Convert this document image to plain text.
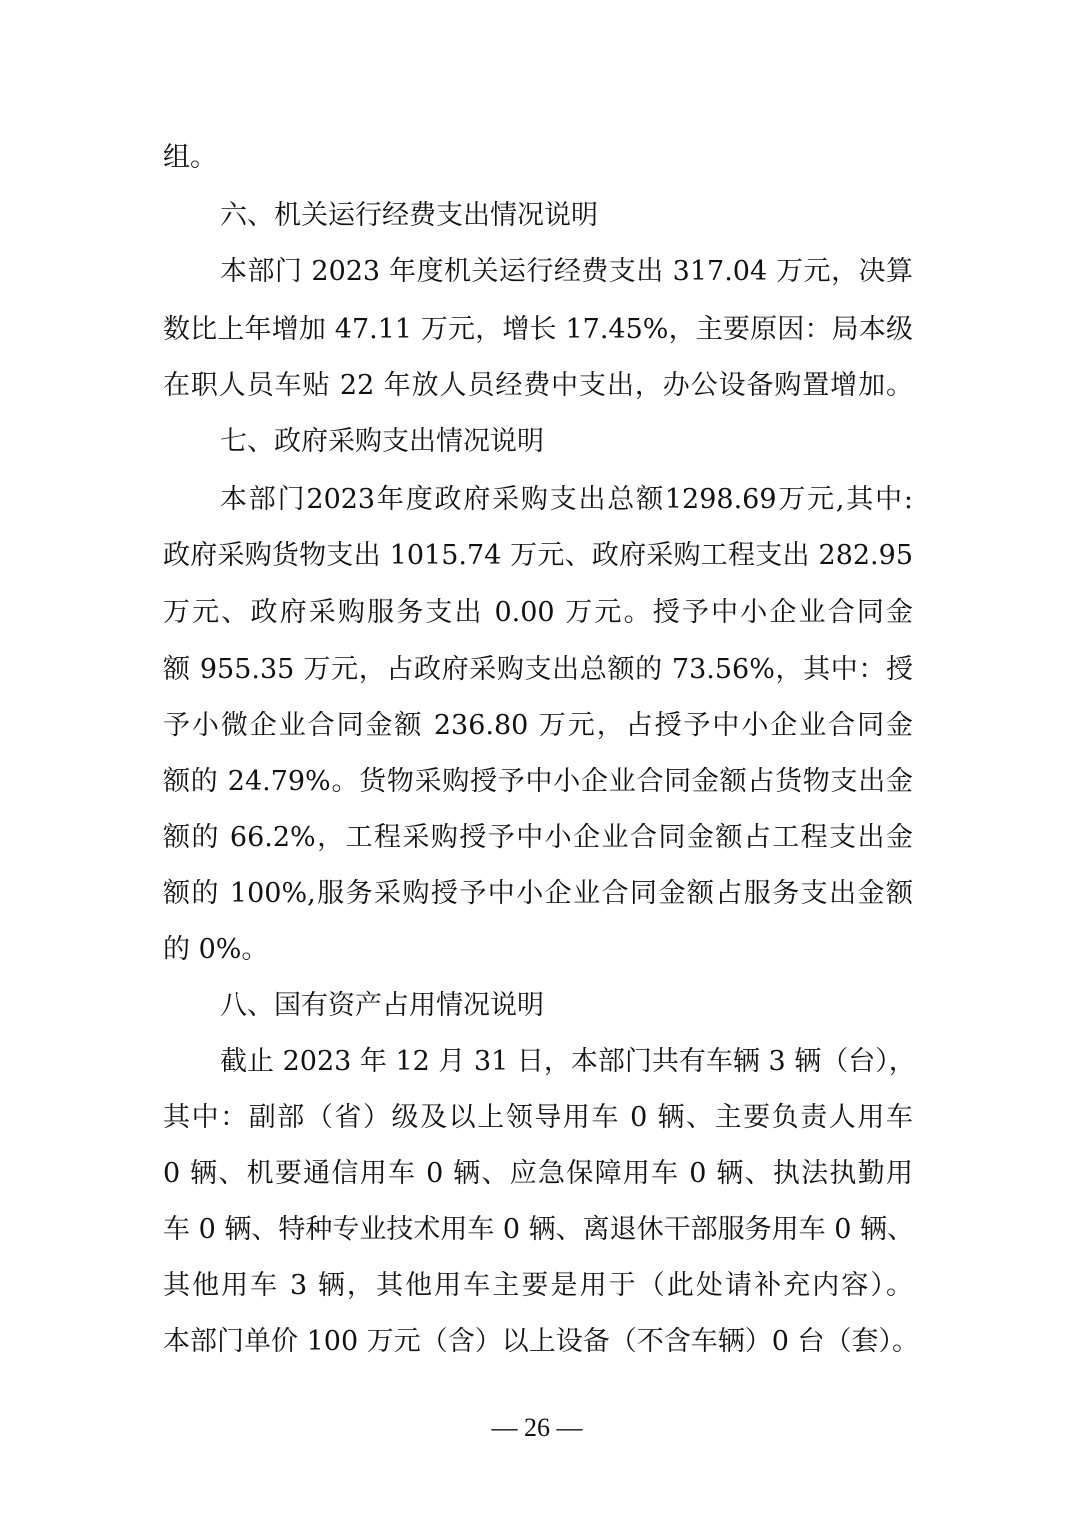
组。
六、机关运行经费支出情况说明
本部门 2023 年度机关运行经费支出 317.04 万元，决算
数比上年增加 47.11 万元，增长 17.45%，主要原因：局本级
在职人员车贴 22 年放人员经费中支出，办公设备购置增加。
七、政府采购支出情况说明
本部门2023年度政府采购支出总额1298.69万元,其中:
政府采购货物支出 1015.74 万元、政府采购工程支出 282.95
万元、政府采购服务支出 0.00 万元。授予中小企业合同金
额 955.35 万元，占政府采购支出总额的 73.56%，其中：授
予小微企业合同金额 236.80 万元，占授予中小企业合同金
额的 24.79%。货物采购授予中小企业合同金额占货物支出金
额的 66.2%，工程采购授予中小企业合同金额占工程支出金
额的 100%,服务采购授予中小企业合同金额占服务支出金额
的 0%。
八、国有资产占用情况说明
截止 2023 年 12 月 31 日，本部门共有车辆 3 辆（台），
其中：副部（省）级及以上领导用车 0 辆、主要负责人用车
0 辆、机要通信用车 0 辆、应急保障用车 0 辆、执法执勤用
车 0 辆、特种专业技术用车 0 辆、离退休干部服务用车 0 辆、
其他用车 3 辆，其他用车主要是用于（此处请补充内容）。
本部门单价 100 万元（含）以上设备（不含车辆）0 台（套）。
— 26 —
